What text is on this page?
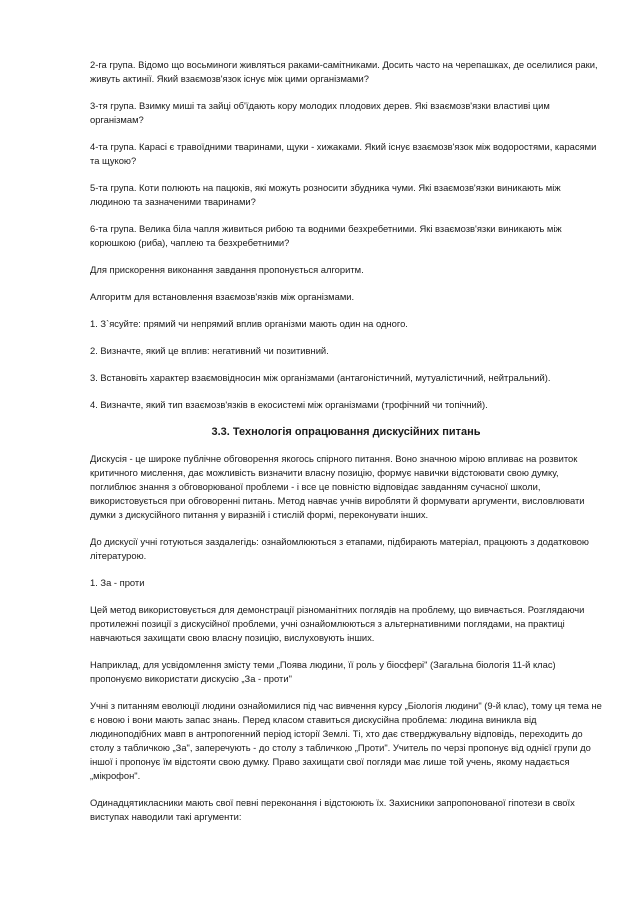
2-га група. Відомо що восьминоги живляться раками-самітниками. Досить часто на черепашках, де оселилися раки, живуть актинії. Який взаємозв'язок існує між цими організмами?

3-тя група. Взимку миші та зайці об'їдають кору молодих плодових дерев. Які взаємозв'язки властиві цим організмам?

4-та група. Карасі є травоїдними тваринами, щуки - хижаками. Який існує взаємозв'язок між водоростями, карасями та щукою?

5-та група. Коти полюють на пацюків, які можуть розносити збудника чуми. Які взаємозв'язки виникають між людиною та зазначеними тваринами?

6-та група. Велика біла чапля живиться рибою та водними безхребетними. Які взаємозв'язки виникають між корюшкою (риба), чаплею та безхребетними?

Для прискорення виконання завдання пропонується алгоритм.

Алгоритм для встановлення взаємозв'язків між організмами.

1. З`ясуйте: прямий чи непрямий вплив організми мають один на одного.

2. Визначте, який це вплив: негативний чи позитивний.

3. Встановіть характер взаємовідносин між організмами (антагоністичний, мутуалістичний, нейтральний).

4. Визначте, який тип взаємозв'язків в екосистемі між організмами (трофічний чи топічний).

3.3. Технологія опрацювання дискусійних питань

Дискусія - це широке публічне обговорення якогось спірного питання. Воно значною мірою впливає на розвиток критичного мислення, дає можливість визначити власну позицію, формує навички відстоювати свою думку, поглиблює знання з обговорюваної проблеми - і все це повністю відповідає завданням сучасної школи, використовується при обговоренні питань. Метод навчає учнів виробляти й формувати аргументи, висловлювати думки з дискусійного питання у виразній і стислій формі, переконувати інших.

До дискусії учні готуються заздалегідь: ознайомлюються з етапами, підбирають матеріал, працюють з додатковою літературою.

1. За - проти

Цей метод використовується для демонстрації різноманітних поглядів на проблему, що вивчається. Розглядаючи протилежні позиції з дискусійної проблеми, учні ознайомлюються з альтернативними поглядами, на практиці навчаються захищати свою власну позицію, вислуховують інших.

Наприклад, для усвідомлення змісту теми „Поява людини, її роль у біосфері" (Загальна біологія 11-й клас) пропонуємо використати дискусію „За - проти"

Учні з питанням еволюції людини ознайомилися під час вивчення курсу „Біологія людини" (9-й клас), тому ця тема не є новою і вони мають запас знань. Перед класом ставиться дискусійна проблема: людина виникла від людиноподібних мавп в антропогенний період історії Землі. Ті, хто дає стверджувальну відповідь, переходить до столу з табличкою „За", заперечують - до столу з табличкою „Проти". Учитель по черзі пропонує від однієї групи до іншої і пропонує їм відстояти свою думку. Право захищати свої погляди має лише той учень, якому надається „мікрофон".

Одинадцятикласники мають свої певні переконання і відстоюють їх. Захисники запропонованої гіпотези в своїх виступах наводили такі аргументи:
